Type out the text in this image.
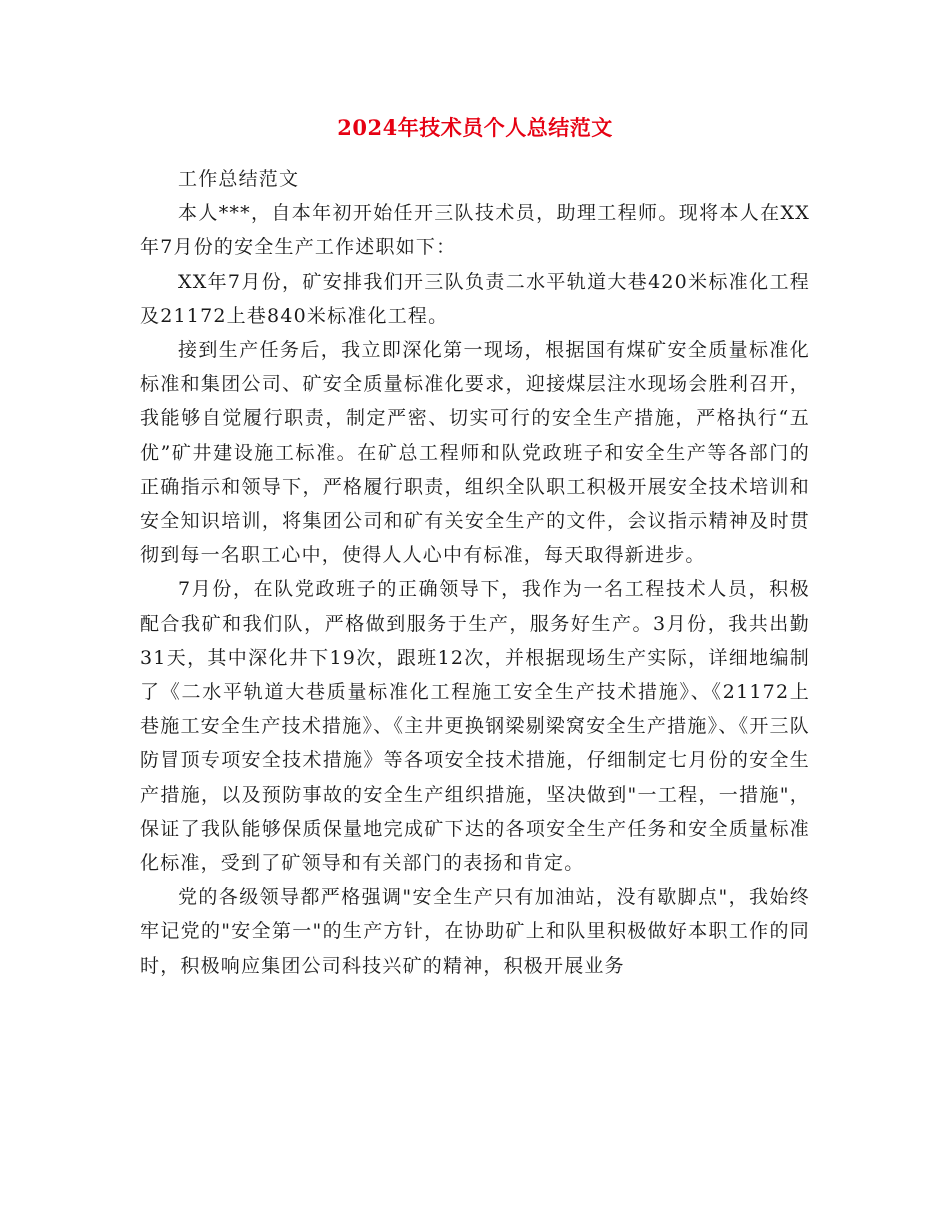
2024年技术员个人总结范文

工作总结范文

本人***，自本年初开始任开三队技术员，助理工程师。现将本人在XX年7月份的安全生产工作述职如下：

XX年7月份，矿安排我们开三队负责二水平轨道大巷420米标准化工程及21172上巷840米标准化工程。

接到生产任务后，我立即深化第一现场，根据国有煤矿安全质量标准化标准和集团公司、矿安全质量标准化要求，迎接煤层注水现场会胜利召开，我能够自觉履行职责，制定严密、切实可行的安全生产措施，严格执行“五优”矿井建设施工标准。在矿总工程师和队党政班子和安全生产等各部门的正确指示和领导下，严格履行职责，组织全队职工积极开展安全技术培训和安全知识培训，将集团公司和矿有关安全生产的文件，会议指示精神及时贯彻到每一名职工心中，使得人人心中有标准，每天取得新进步。

7月份，在队党政班子的正确领导下，我作为一名工程技术人员，积极配合我矿和我们队，严格做到服务于生产，服务好生产。3月份，我共出勤31天，其中深化井下19次，跟班12次，并根据现场生产实际，详细地编制了《二水平轨道大巷质量标准化工程施工安全生产技术措施》、《21172上巷施工安全生产技术措施》、《主井更换钢梁剔梁窝安全生产措施》、《开三队防冒顶专项安全技术措施》等各项安全技术措施，仔细制定七月份的安全生产措施，以及预防事故的安全生产组织措施，坚决做到"一工程，一措施"，保证了我队能够保质保量地完成矿下达的各项安全生产任务和安全质量标准化标准，受到了矿领导和有关部门的表扬和肯定。

党的各级领导都严格强调"安全生产只有加油站，没有歇脚点"，我始终牢记党的"安全第一"的生产方针，在协助矿上和队里积极做好本职工作的同时，积极响应集团公司科技兴矿的精神，积极开展业务
